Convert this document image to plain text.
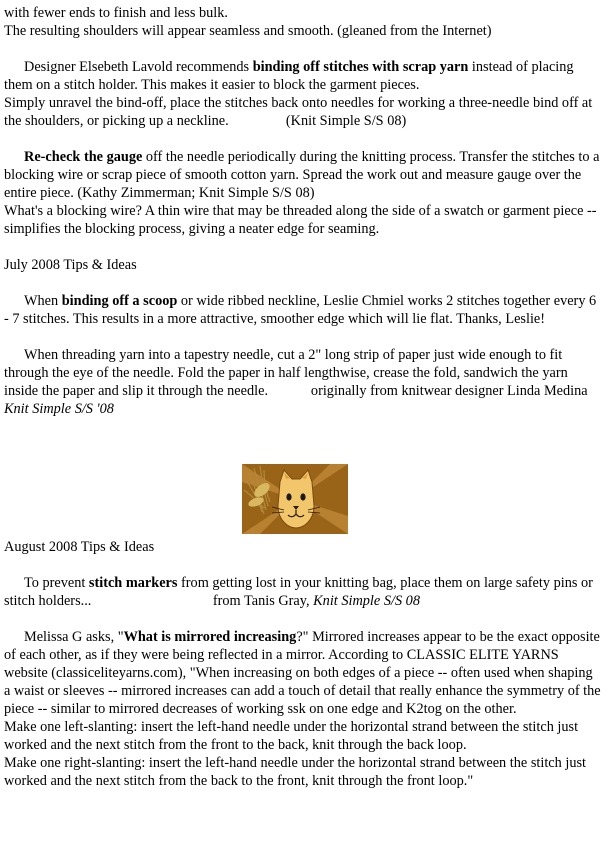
with fewer ends to finish and less bulk.

The resulting shoulders will appear seamless and smooth. (gleaned from the Internet)

Designer Elsebeth Lavold recommends binding off stitches with scrap yarn instead of placing them on a stitch holder. This makes it easier to block the garment pieces.

Simply unravel the bind-off, place the stitches back onto needles for working a three-needle bind off at the shoulders, or picking up a neckline.	(Knit Simple S/S 08)

Re-check the gauge off the needle periodically during the knitting process. Transfer the stitches to a blocking wire or scrap piece of smooth cotton yarn. Spread the work out and measure gauge over the entire piece. (Kathy Zimmerman; Knit Simple S/S 08)

What's a blocking wire? A thin wire that may be threaded along the side of a swatch or garment piece -- simplifies the blocking process, giving a neater edge for seaming.

July 2008 Tips & Ideas

When binding off a scoop or wide ribbed neckline, Leslie Chmiel works 2 stitches together every 6 - 7 stitches. This results in a more attractive, smoother edge which will lie flat. Thanks, Leslie!

When threading yarn into a tapestry needle, cut a 2" long strip of paper just wide enough to fit through the eye of the needle. Fold the paper in half lengthwise, crease the fold, sandwich the yarn inside the paper and slip it through the needle.	originally from knitwear designer Linda Medina Knit Simple S/S '08

August 2008 Tips & Ideas

To prevent stitch markers from getting lost in your knitting bag, place them on large safety pins or stitch holders...	from Tanis Gray, Knit Simple S/S 08

Melissa G asks, "What is mirrored increasing?" Mirrored increases appear to be the exact opposite of each other, as if they were being reflected in a mirror. According to CLASSIC ELITE YARNS website (classiceliteyarns.com), "When increasing on both edges of a piece -- often used when shaping a waist or sleeves -- mirrored increases can add a touch of detail that really enhance the symmetry of the piece -- similar to mirrored decreases of working ssk on one edge and K2tog on the other.

Make one left-slanting: insert the left-hand needle under the horizontal strand between the stitch just worked and the next stitch from the front to the back, knit through the back loop.

Make one right-slanting: insert the left-hand needle under the horizontal strand between the stitch just worked and the next stitch from the back to the front, knit through the front loop."
